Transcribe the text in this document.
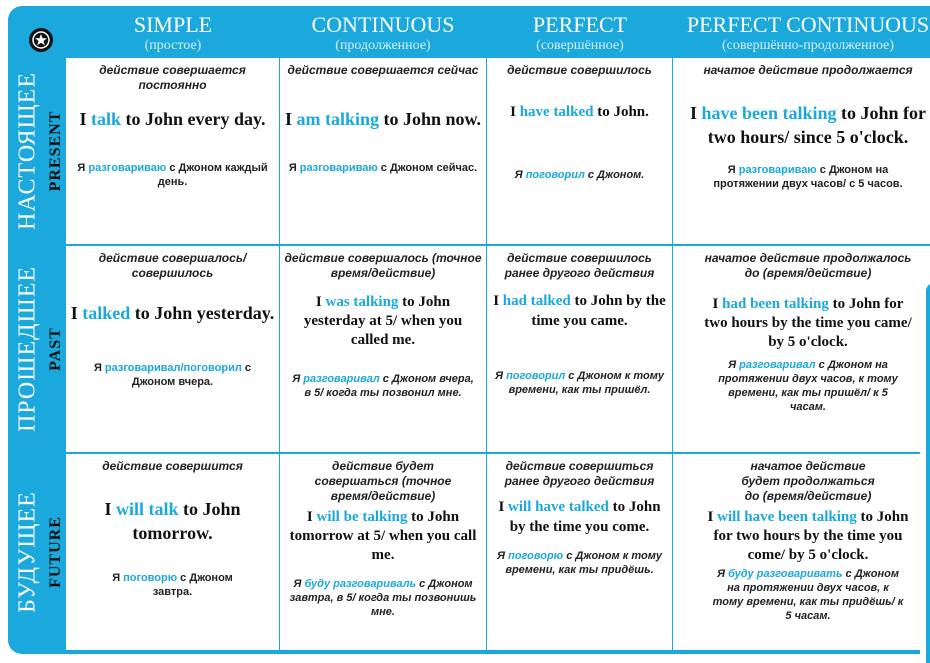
SIMPLE
(простое)
CONTINUOUS
(продолженное)
PERFECT
(совершённое)
PERFECT CONTINUOUS
(совершённо-продолженное)
НАСТОЯЩЕЕ PRESENT
ПРОШЕДШЕЕ PAST
БУДУЩЕЕ FUTURE
действие совершается постоянно
I talk to John every day.
Я разговариваю с Джоном каждый день.
действие совершается сейчас
I am talking to John now.
Я разговариваю с Джоном сейчас.
действие совершилось
I have talked to John.
Я поговорил с Джоном.
начатое действие продолжается
I have been talking to John for two hours/ since 5 o'clock.
Я разговариваю с Джоном на протяжении двух часов/ с 5 часов.
действие совершалось/совершилось
I talked to John yesterday.
Я разговаривал/поговорил с Джоном вчера.
действие совершалось (точное время/действие)
I was talking to John yesterday at 5/ when you called me.
Я разговаривал с Джоном вчера, в 5/ когда ты позвонил мне.
действие совершилось ранее другого действия
I had talked to John by the time you came.
Я поговорил с Джоном к тому времени, как ты пришёл.
начатое действие продолжалось до (время/действие)
I had been talking to John for two hours by the time you came/ by 5 o'clock.
Я разговаривал с Джоном на протяжении двух часов, к тому времени, как ты пришёл/ к 5 часам.
действие совершится
I will talk to John tomorrow.
Я поговорю с Джоном завтра.
действие будет совершаться (точное время/действие)
I will be talking to John tomorrow at 5/ when you call me.
Я буду разговариваль с Джоном завтра, в 5/ когда ты позвонишь мне.
действие совершиться ранее другого действия
I will have talked to John by the time you come.
Я поговорю с Джоном к тому времени, как ты придёшь.
начатое действие будет продолжаться до (время/действие)
I will have been talking to John for two hours by the time you come/ by 5 o'clock.
Я буду разговаривать с Джоном на протяжении двух часов, к тому времени, как ты придёшь/ к 5 часам.
